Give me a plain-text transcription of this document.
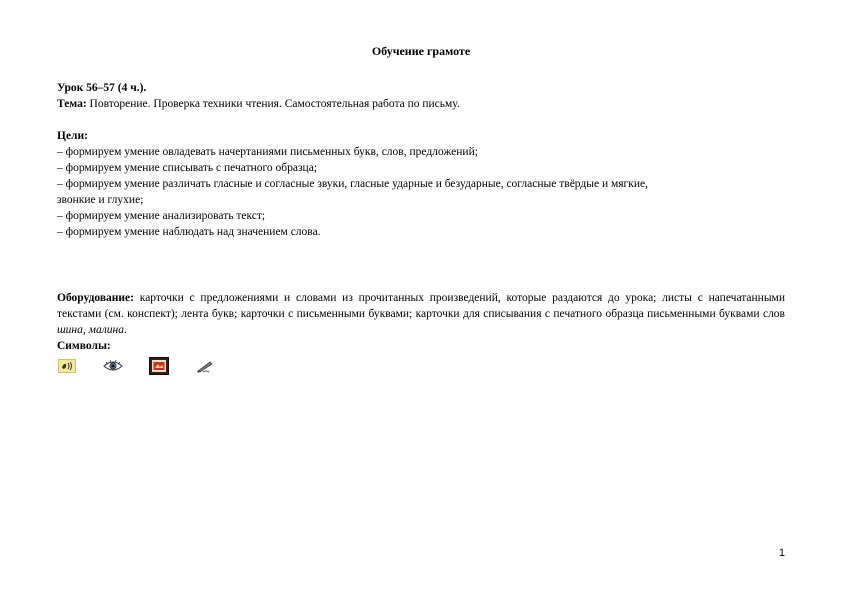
Обучение грамоте
Урок 56–57 (4 ч.).
Тема: Повторение. Проверка техники чтения. Самостоятельная работа по письму.
Цели:
– формируем умение овладевать начертаниями письменных букв, слов, предложений;
– формируем умение списывать с печатного образца;
– формируем умение различать гласные и согласные звуки, гласные ударные и безударные, согласные твёрдые и мягкие,
звонкие и глухие;
– формируем умение анализировать текст;
– формируем умение наблюдать над значением слова.
Оборудование: карточки с предложениями и словами из прочитанных произведений, которые раздаются до урока; листы с напечатанными текстами (см. конспект); лента букв; карточки с письменными буквами; карточки для списывания с печатного образца письменными буквами слов шина, малина.
Символы:
1
